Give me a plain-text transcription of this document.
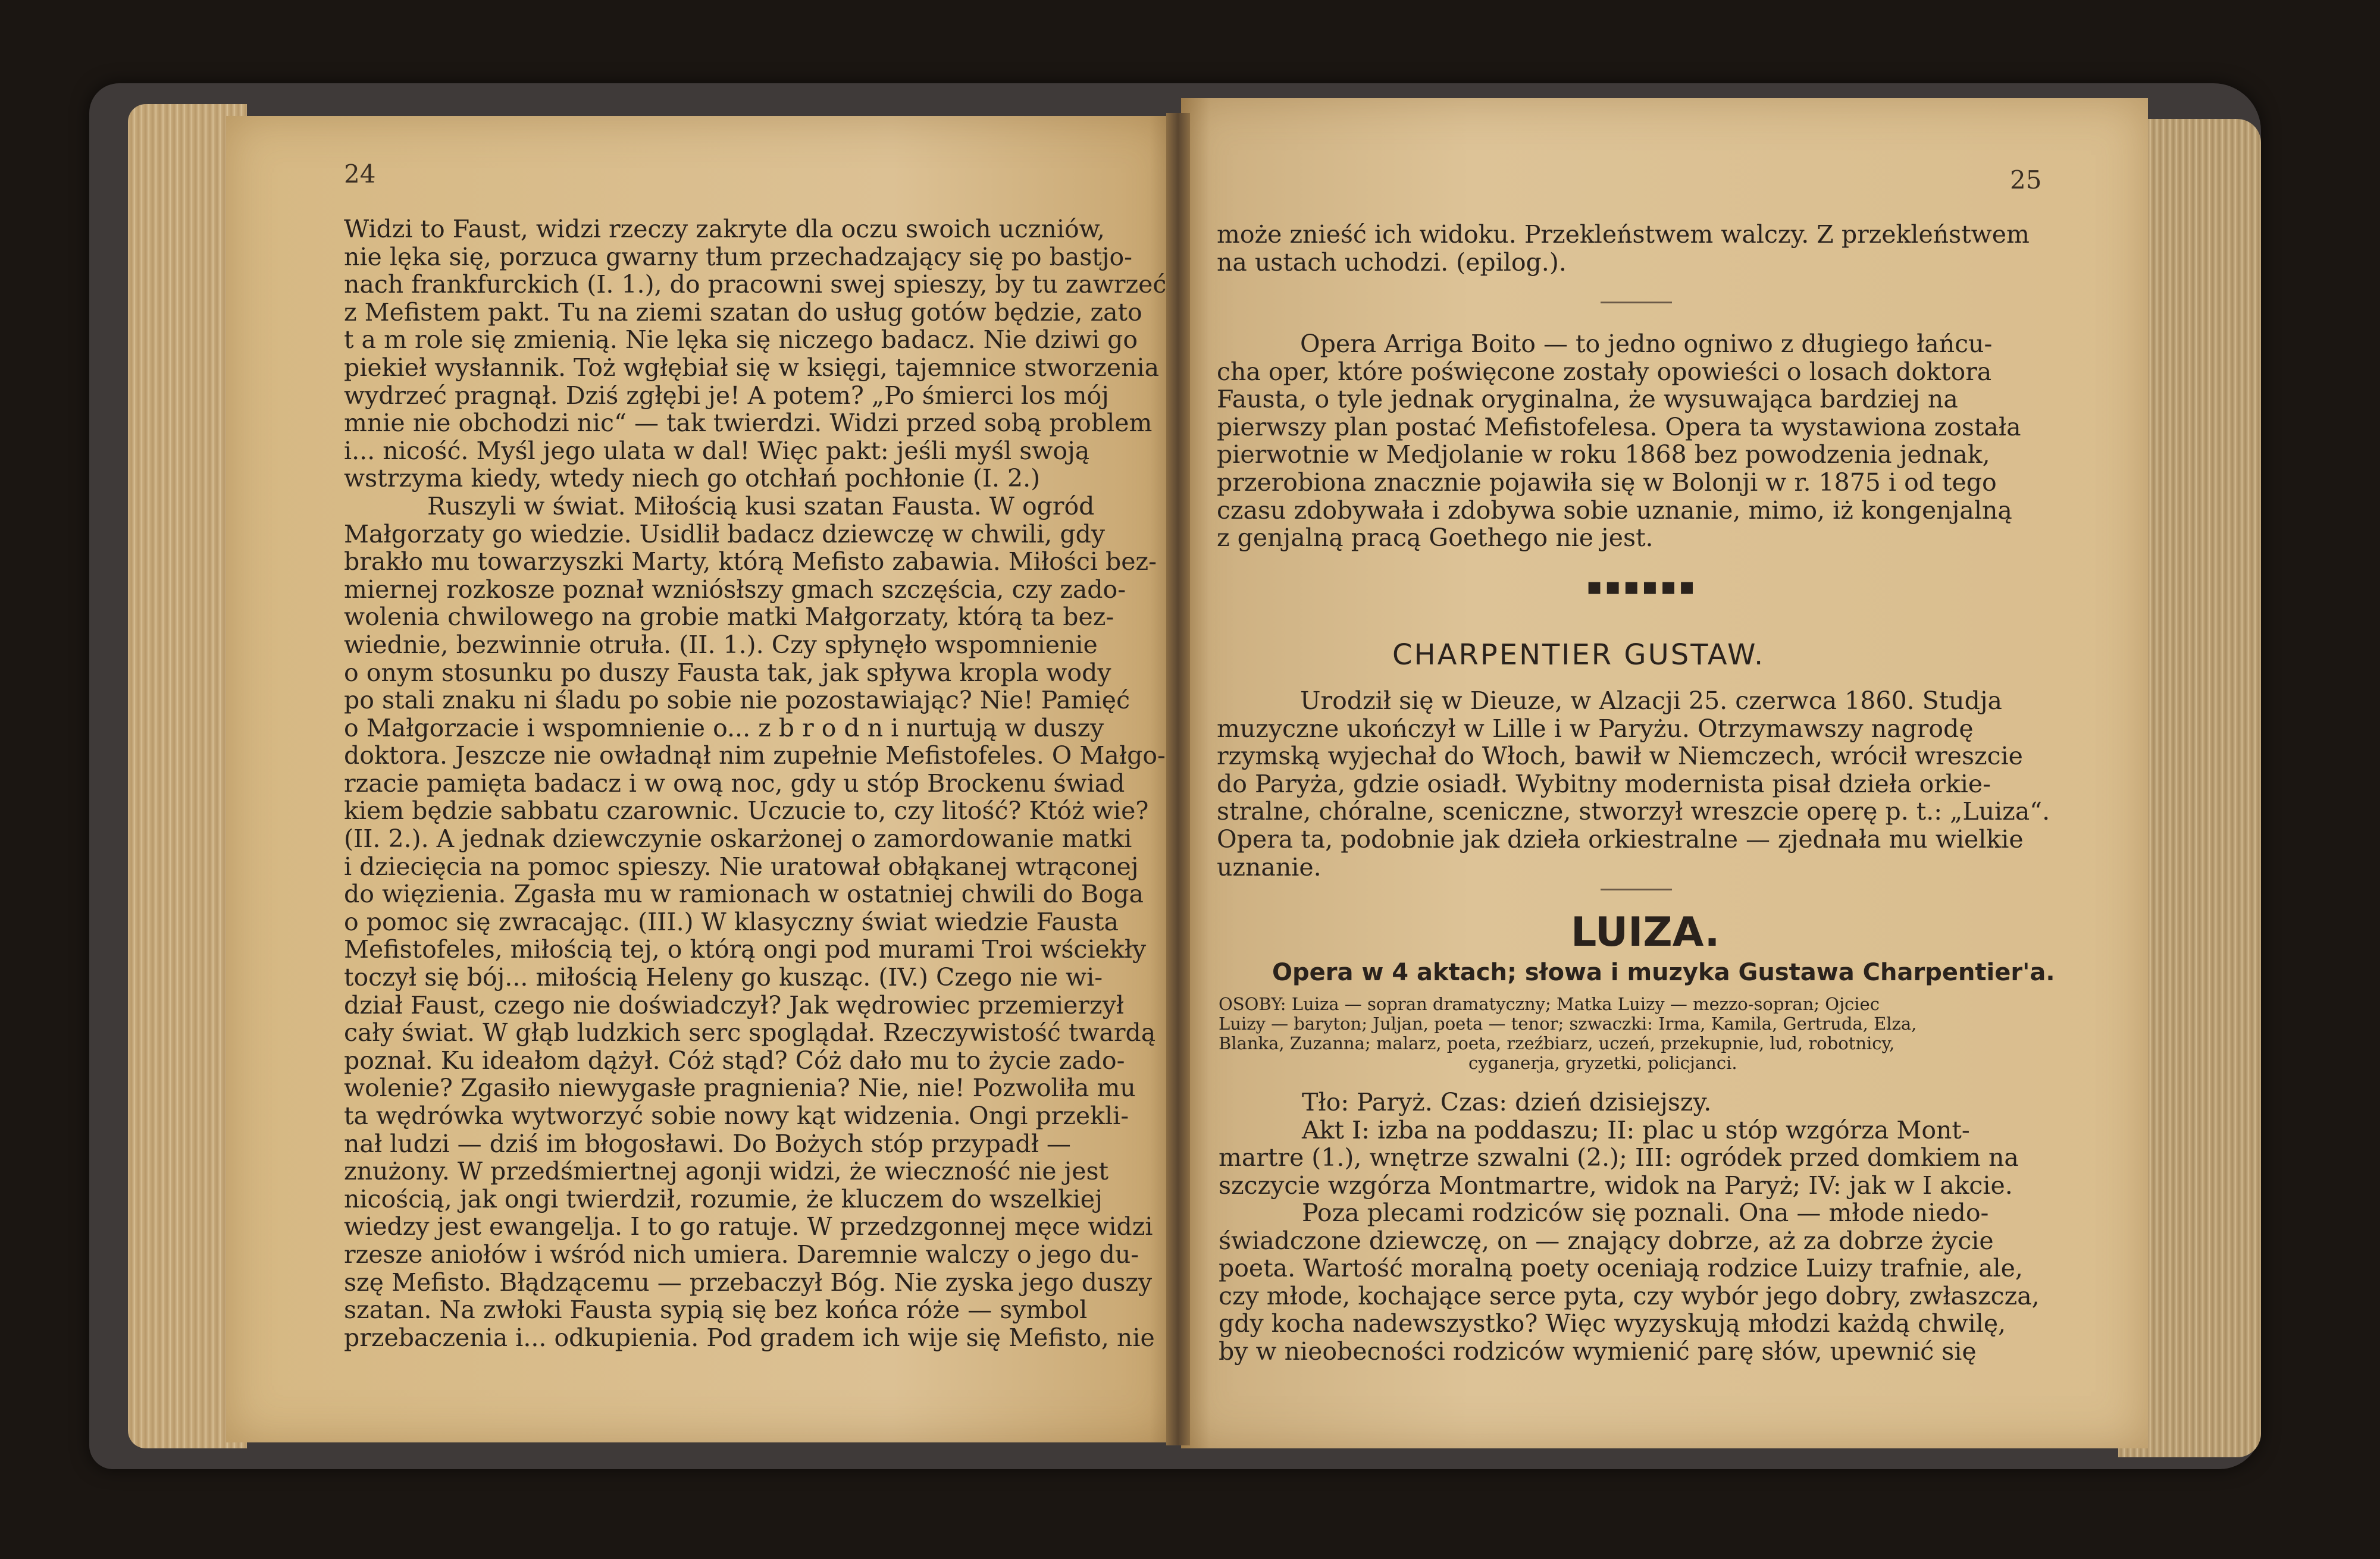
24
Widzi to Faust, widzi rzeczy zakryte dla oczu swoich uczniów,
nie lęka się, porzuca gwarny tłum przechadzający się po bastjo-
nach frankfurckich (I. 1.), do pracowni swej spieszy, by tu zawrzeć
z Mefistem pakt. Tu na ziemi szatan do usług gotów będzie, zato
t a m role się zmienią. Nie lęka się niczego badacz. Nie dziwi go
piekieł wysłannik. Toż wgłębiał się w księgi, tajemnice stworzenia
wydrzeć pragnął. Dziś zgłębi je! A potem? „Po śmierci los mój
mnie nie obchodzi nic“ — tak twierdzi. Widzi przed sobą problem
i... nicość. Myśl jego ulata w dal! Więc pakt: jeśli myśl swoją
wstrzyma kiedy, wtedy niech go otchłań pochłonie (I. 2.)
Ruszyli w świat. Miłością kusi szatan Fausta. W ogród
Małgorzaty go wiedzie. Usidlił badacz dziewczę w chwili, gdy
brakło mu towarzyszki Marty, którą Mefisto zabawia. Miłości bez-
miernej rozkosze poznał wzniósłszy gmach szczęścia, czy zado-
wolenia chwilowego na grobie matki Małgorzaty, którą ta bez-
wiednie, bezwinnie otruła. (II. 1.). Czy spłynęło wspomnienie
o onym stosunku po duszy Fausta tak, jak spływa kropla wody
po stali znaku ni śladu po sobie nie pozostawiając? Nie! Pamięć
o Małgorzacie i wspomnienie o... z b r o d n i nurtują w duszy
doktora. Jeszcze nie owładnął nim zupełnie Mefistofeles. O Małgo-
rzacie pamięta badacz i w ową noc, gdy u stóp Brockenu świad
kiem będzie sabbatu czarownic. Uczucie to, czy litość? Któż wie?
(II. 2.). A jednak dziewczynie oskarżonej o zamordowanie matki
i dziecięcia na pomoc spieszy. Nie uratował obłąkanej wtrąconej
do więzienia. Zgasła mu w ramionach w ostatniej chwili do Boga
o pomoc się zwracając. (III.) W klasyczny świat wiedzie Fausta
Mefistofeles, miłością tej, o którą ongi pod murami Troi wściekły
toczył się bój... miłością Heleny go kusząc. (IV.) Czego nie wi-
dział Faust, czego nie doświadczył? Jak wędrowiec przemierzył
cały świat. W głąb ludzkich serc spoglądał. Rzeczywistość twardą
poznał. Ku ideałom dążył. Cóż stąd? Cóż dało mu to życie zado-
wolenie? Zgasiło niewygasłe pragnienia? Nie, nie! Pozwoliła mu
ta wędrówka wytworzyć sobie nowy kąt widzenia. Ongi przekli-
nał ludzi — dziś im błogosławi. Do Bożych stóp przypadł —
znużony. W przedśmiertnej agonji widzi, że wieczność nie jest
nicością, jak ongi twierdził, rozumie, że kluczem do wszelkiej
wiedzy jest ewangelja. I to go ratuje. W przedzgonnej męce widzi
rzesze aniołów i wśród nich umiera. Daremnie walczy o jego du-
szę Mefisto. Błądzącemu — przebaczył Bóg. Nie zyska jego duszy
szatan. Na zwłoki Fausta sypią się bez końca róże — symbol
przebaczenia i... odkupienia. Pod gradem ich wije się Mefisto, nie
25
może znieść ich widoku. Przekleństwem walczy. Z przekleństwem
na ustach uchodzi. (epilog.).
Opera Arriga Boito — to jedno ogniwo z długiego łańcu-
cha oper, które poświęcone zostały opowieści o losach doktora
Fausta, o tyle jednak oryginalna, że wysuwająca bardziej na
pierwszy plan postać Mefistofelesa. Opera ta wystawiona została
pierwotnie w Medjolanie w roku 1868 bez powodzenia jednak,
przerobiona znacznie pojawiła się w Bolonji w r. 1875 i od tego
czasu zdobywała i zdobywa sobie uznanie, mimo, iż kongenjalną
z genjalną pracą Goethego nie jest.
▪▪▪▪▪▪
CHARPENTIER GUSTAW.
Urodził się w Dieuze, w Alzacji 25. czerwca 1860. Studja
muzyczne ukończył w Lille i w Paryżu. Otrzymawszy nagrodę
rzymską wyjechał do Włoch, bawił w Niemczech, wrócił wreszcie
do Paryża, gdzie osiadł. Wybitny modernista pisał dzieła orkie-
stralne, chóralne, sceniczne, stworzył wreszcie operę p. t.: „Luiza“.
Opera ta, podobnie jak dzieła orkiestralne — zjednała mu wielkie
uznanie.
LUIZA.
Opera w 4 aktach; słowa i muzyka Gustawa Charpentier'a.
OSOBY: Luiza — sopran dramatyczny; Matka Luizy — mezzo-sopran; Ojciec
Luizy — baryton; Juljan, poeta — tenor; szwaczki: Irma, Kamila, Gertruda, Elza,
Blanka, Zuzanna; malarz, poeta, rzeźbiarz, uczeń, przekupnie, lud, robotnicy,
cyganerja, gryzetki, policjanci.
Tło: Paryż. Czas: dzień dzisiejszy.
Akt I: izba na poddaszu; II: plac u stóp wzgórza Mont-
martre (1.), wnętrze szwalni (2.); III: ogródek przed domkiem na
szczycie wzgórza Montmartre, widok na Paryż; IV: jak w I akcie.
Poza plecami rodziców się poznali. Ona — młode niedo-
świadczone dziewczę, on — znający dobrze, aż za dobrze życie
poeta. Wartość moralną poety oceniają rodzice Luizy trafnie, ale,
czy młode, kochające serce pyta, czy wybór jego dobry, zwłaszcza,
gdy kocha nadewszystko? Więc wyzyskują młodzi każdą chwilę,
by w nieobecności rodziców wymienić parę słów, upewnić się
